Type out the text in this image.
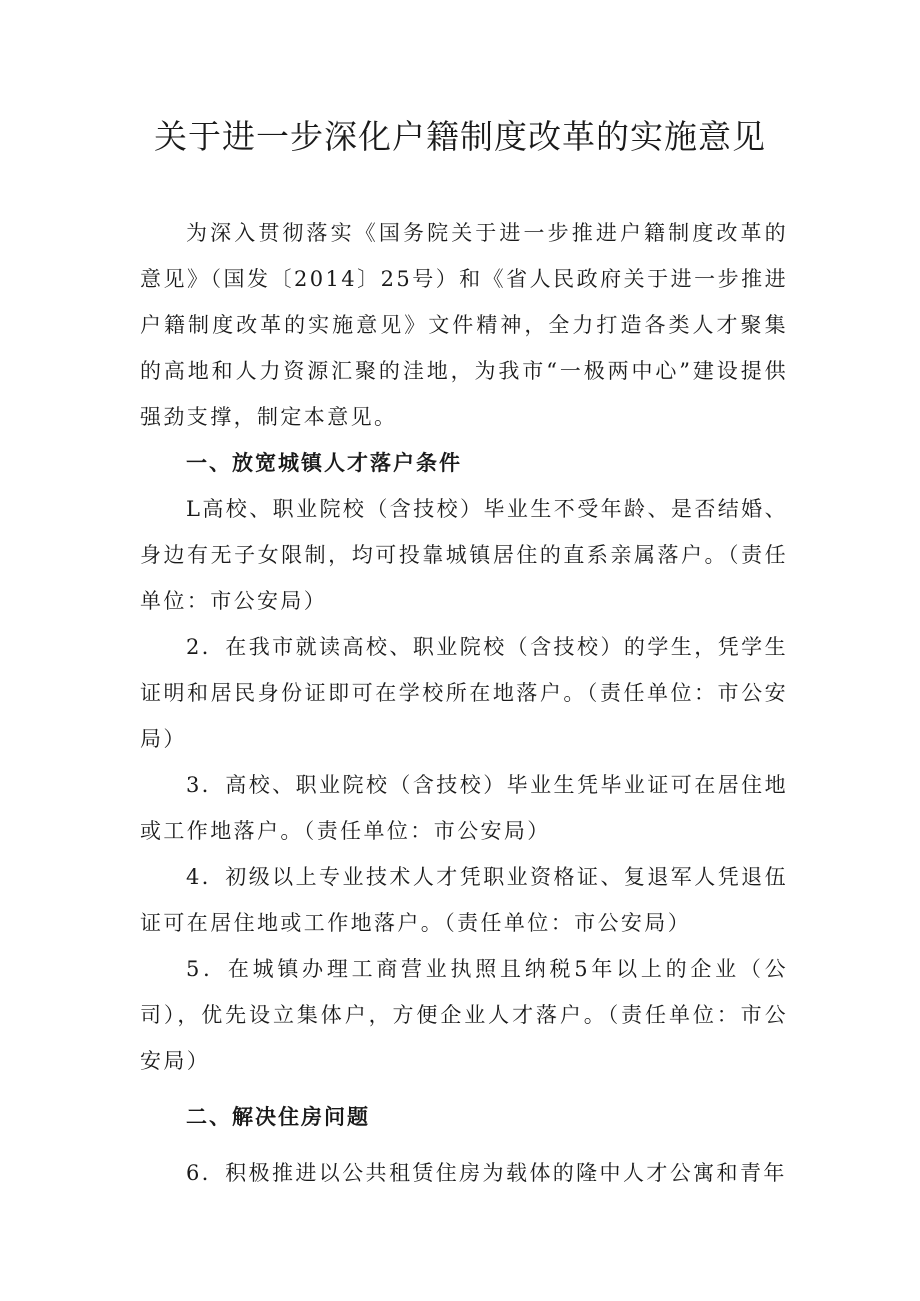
关于进一步深化户籍制度改革的实施意见

为深入贯彻落实《国务院关于进一步推进户籍制度改革的意见》（国发〔2014〕25号）和《省人民政府关于进一步推进户籍制度改革的实施意见》文件精神，全力打造各类人才聚集的高地和人力资源汇聚的洼地，为我市“一极两中心”建设提供强劲支撑，制定本意见。

一、放宽城镇人才落户条件

L高校、职业院校（含技校）毕业生不受年龄、是否结婚、身边有无子女限制，均可投靠城镇居住的直系亲属落户。（责任单位：市公安局）

2．在我市就读高校、职业院校（含技校）的学生，凭学生证明和居民身份证即可在学校所在地落户。（责任单位：市公安局）

3．高校、职业院校（含技校）毕业生凭毕业证可在居住地或工作地落户。（责任单位：市公安局）

4．初级以上专业技术人才凭职业资格证、复退军人凭退伍证可在居住地或工作地落户。（责任单位：市公安局）

5．在城镇办理工商营业执照且纳税5年以上的企业（公司），优先设立集体户，方便企业人才落户。（责任单位：市公安局）

二、解决住房问题

6．积极推进以公共租赁住房为载体的隆中人才公寓和青年
